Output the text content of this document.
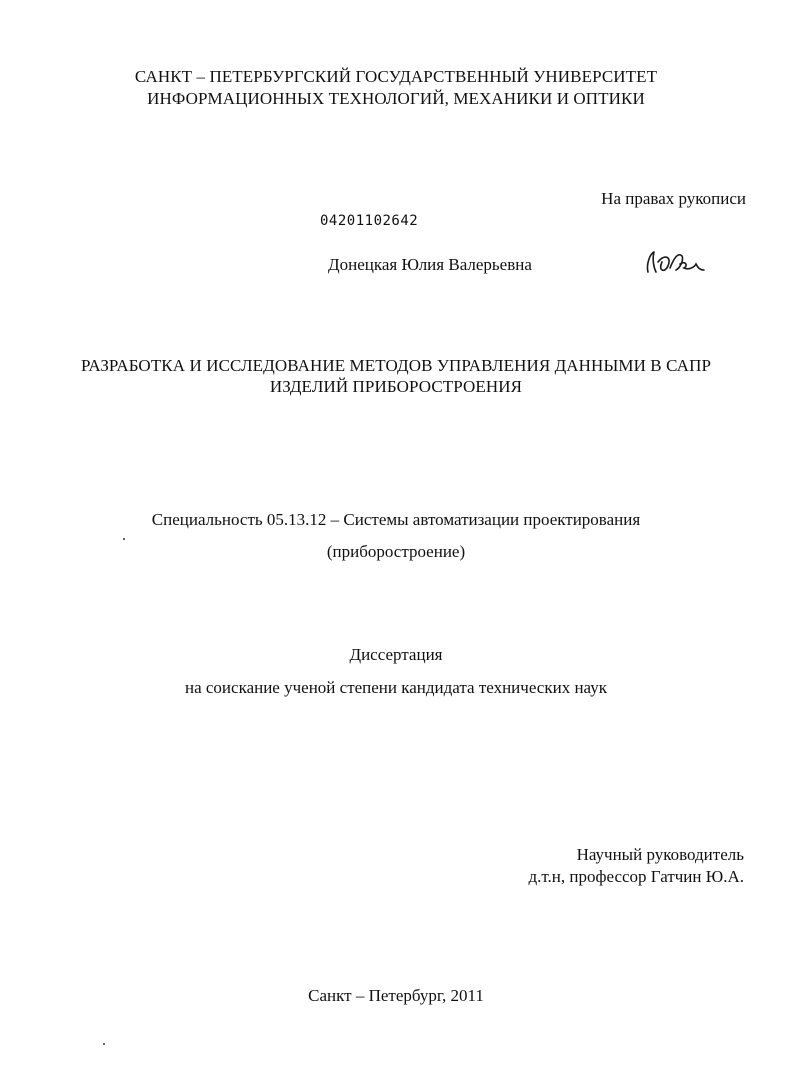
САНКТ – ПЕТЕРБУРГСКИЙ ГОСУДАРСТВЕННЫЙ УНИВЕРСИТЕТ
ИНФОРМАЦИОННЫХ ТЕХНОЛОГИЙ, МЕХАНИКИ И ОПТИКИ
На правах рукописи
04201102642
Донецкая Юлия Валерьевна
РАЗРАБОТКА И ИССЛЕДОВАНИЕ МЕТОДОВ УПРАВЛЕНИЯ ДАННЫМИ В САПР
ИЗДЕЛИЙ ПРИБОРОСТРОЕНИЯ
Специальность 05.13.12 – Системы автоматизации проектирования
(приборостроение)
Диссертация
на соискание ученой степени кандидата технических наук
Научный руководитель
д.т.н, профессор Гатчин Ю.А.
Санкт – Петербург, 2011
